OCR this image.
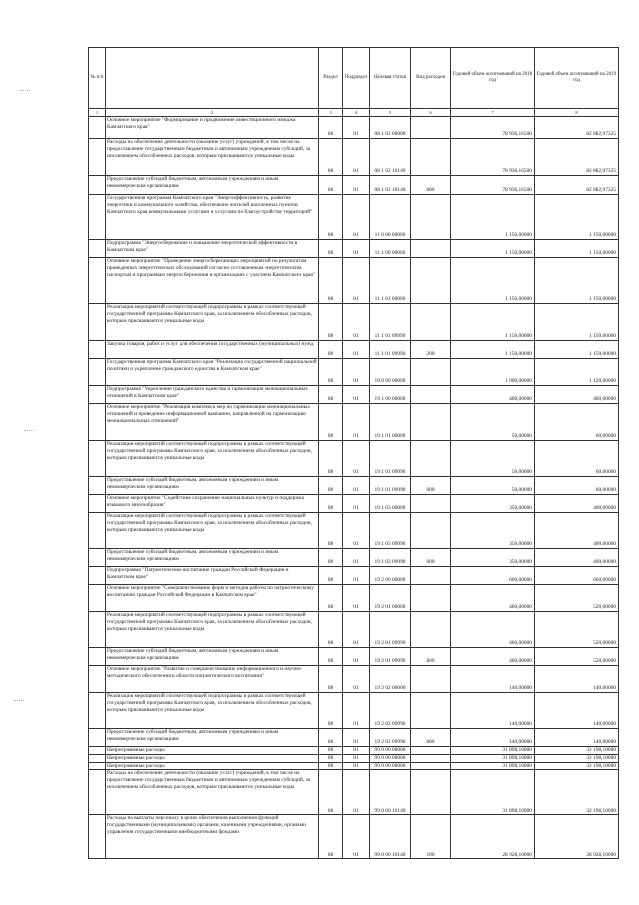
№ п/п		Раздел	Подраздел	Целевая статья	Вид расходов	Годовой объем ассигнований на 2018 год	Годовой объем ассигнований на 2019 год
1	2	3	4	5	6	7	8
	Основное мероприятие "Формирование и продвижение инвестиционного имиджа Камчатского края"	08	01	08 1 02 00000		78 936,16500	82 882,97325
	Расходы на обеспечение деятельности (оказание услуг) учреждений, в том числе на предоставление государственным бюджетным и автономным учреждениям субсидий, за исключением обособленных расходов, которым присваиваются уникальные коды	08	01	08 1 02 10140		78 936,16500	82 882,97325
	Предоставление субсидий бюджетным, автономным учреждениям и иным некоммерческим организациям	08	01	08 1 02 10140	600	78 936,16500	82 882,97325
	Государственная программа Камчатского края "Энергоэффективность, развитие энергетики и коммунального хозяйства, обеспечение жителей населенных пунктов Камчатского края коммунальными услугами и услугами по благоустройству территорий"	08	01	11 0 00 00000		1 150,00000	1 150,00000
	Подпрограмма "Энергосбережение и повышение энергетической эффективности в Камчатском крае"	08	01	11 1 00 00000		1 150,00000	1 150,00000
	Основное мероприятие "Проведение энергосберегающих мероприятий по результатам проведенных энергетических обследований согласно составленным энергетическим паспортам и программам энергосбережения в организациях с участием Камчатского края"	08	01	11 1 01 00000		1 150,00000	1 150,00000
	Реализация мероприятий соответствующей подпрограммы в рамках соответствующей государственной программы Камчатского края, за исключением обособленных расходов, которым присваиваются уникальные коды	08	01	11 1 01 09990		1 150,00000	1 150,00000
	Закупка товаров, работ и услуг для обеспечения государственных (муниципальных) нужд	08	01	11 1 01 09990	200	1 150,00000	1 150,00000
	Государственная программа Камчатского края "Реализация государственной национальной политики и укрепление гражданского единства в Камчатском крае"	08	01	19 0 00 00000		1 000,00000	1 120,00000
	Подпрограмма "Укрепление гражданского единства и гармонизация межнациональных отношений в Камчатском крае"	08	01	19 1 00 00000		400,00000	460,00000
	Основное мероприятие "Реализация комплекса мер по гармонизации межнациональных отношений и проведение информационной кампании, направленной на гармонизацию межнациональных отношений"	08	01	19 1 01 00000		50,00000	60,00000
	Реализация мероприятий соответствующей подпрограммы в рамках соответствующей государственной программы Камчатского края, за исключением обособленных расходов, которым присваиваются уникальные коды	08	01	19 1 01 09990		50,00000	60,00000
	Предоставление субсидий бюджетным, автономным учреждениям и иным некоммерческим организациям	08	01	19 1 01 09990	600	50,00000	60,00000
	Основное мероприятие "Содействие сохранению национальных культур и поддержка языкового многообразия"	08	01	19 1 03 00000		350,00000	400,00000
	Реализация мероприятий соответствующей подпрограммы в рамках соответствующей государственной программы Камчатского края, за исключением обособленных расходов, которым присваиваются уникальные коды	08	01	19 1 03 09990		350,00000	400,00000
	Предоставление субсидий бюджетным, автономным учреждениям и иным некоммерческим организациям	08	01	19 1 03 09990	600	350,00000	400,00000
	Подпрограмма "Патриотическое воспитание граждан Российской Федерации в Камчатском крае"	08	01	19 2 00 00000		600,00000	660,00000
	Основное мероприятие "Совершенствование форм и методов работы по патриотическому воспитанию граждан Российской Федерации в Камчатском крае"	08	01	19 2 01 00000		460,00000	520,00000
	Реализация мероприятий соответствующей подпрограммы в рамках соответствующей государственной программы Камчатского края, за исключением обособленных расходов, которым присваиваются уникальные коды	08	01	19 2 01 09990		460,00000	520,00000
	Предоставление субсидий бюджетным, автономным учреждениям и иным некоммерческим организациям	08	01	19 2 01 09990	600	460,00000	520,00000
	Основное мероприятие "Развитие и совершенствование информационного и научно-методического обеспечения в области патриотического воспитания"	08	01	19 2 02 00000		140,00000	140,00000
	Реализация мероприятий соответствующей подпрограммы в рамках соответствующей государственной программы Камчатского края, за исключением обособленных расходов, которым присваиваются уникальные коды	08	01	19 2 02 09990		140,00000	140,00000
	Предоставление субсидий бюджетным, автономным учреждениям и иным некоммерческим организациям	08	01	19 2 02 09990	600	140,00000	140,00000
	Непрограммные расходы	08	01	99 0 00 00000		31 898,10000	32 198,10000
	Непрограммные расходы	08	01	99 0 00 00000		31 898,10000	32 198,10000
	Непрограммные расходы	08	01	99 0 00 00000		31 898,10000	32 198,10000
	Расходы на обеспечение деятельности (оказание услуг) учреждений, в том числе на предоставление государственным бюджетным и автономным учреждениям субсидий, за исключением обособленных расходов, которым присваиваются уникальные коды	08	01	99 0 00 10140		31 898,10000	32 198,10000
	Расходы на выплаты персоналу в целях обеспечения выполнения функций государственными (муниципальными) органами, казенными учреждениями, органами управления государственными внебюджетными фондами	08	01	99 0 00 10140	100	28 928,10000	28 928,10000
